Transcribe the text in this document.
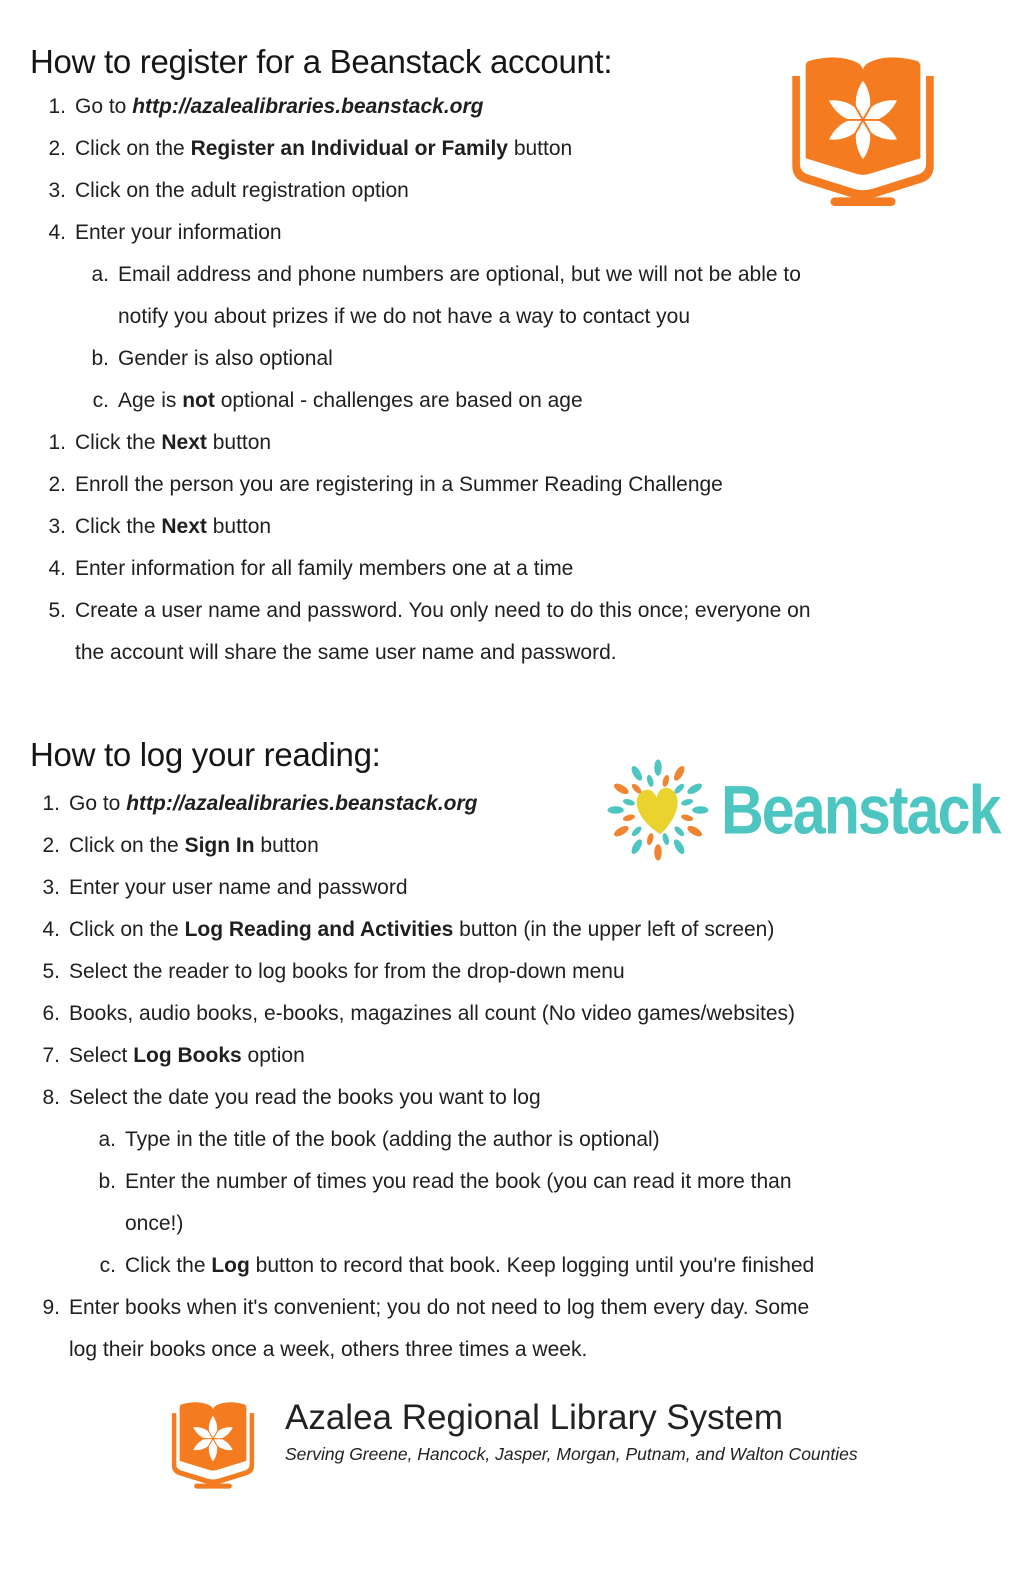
How to register for a Beanstack account:
1. Go to http://azalealibraries.beanstack.org
2. Click on the Register an Individual or Family button
3. Click on the adult registration option
4. Enter your information
a. Email address and phone numbers are optional, but we will not be able to
notify you about prizes if we do not have a way to contact you
b. Gender is also optional
c. Age is not optional - challenges are based on age
1. Click the Next button
2. Enroll the person you are registering in a Summer Reading Challenge
3. Click the Next button
4. Enter information for all family members one at a time
5. Create a user name and password. You only need to do this once; everyone on
the account will share the same user name and password.
How to log your reading:
Beanstack
1. Go to http://azalealibraries.beanstack.org
2. Click on the Sign In button
3. Enter your user name and password
4. Click on the Log Reading and Activities button (in the upper left of screen)
5. Select the reader to log books for from the drop-down menu
6. Books, audio books, e-books, magazines all count (No video games/websites)
7. Select Log Books option
8. Select the date you read the books you want to log
a. Type in the title of the book (adding the author is optional)
b. Enter the number of times you read the book (you can read it more than
once!)
c. Click the Log button to record that book. Keep logging until you're finished
9. Enter books when it's convenient; you do not need to log them every day. Some
log their books once a week, others three times a week.
Azalea Regional Library System
Serving Greene, Hancock, Jasper, Morgan, Putnam, and Walton Counties
